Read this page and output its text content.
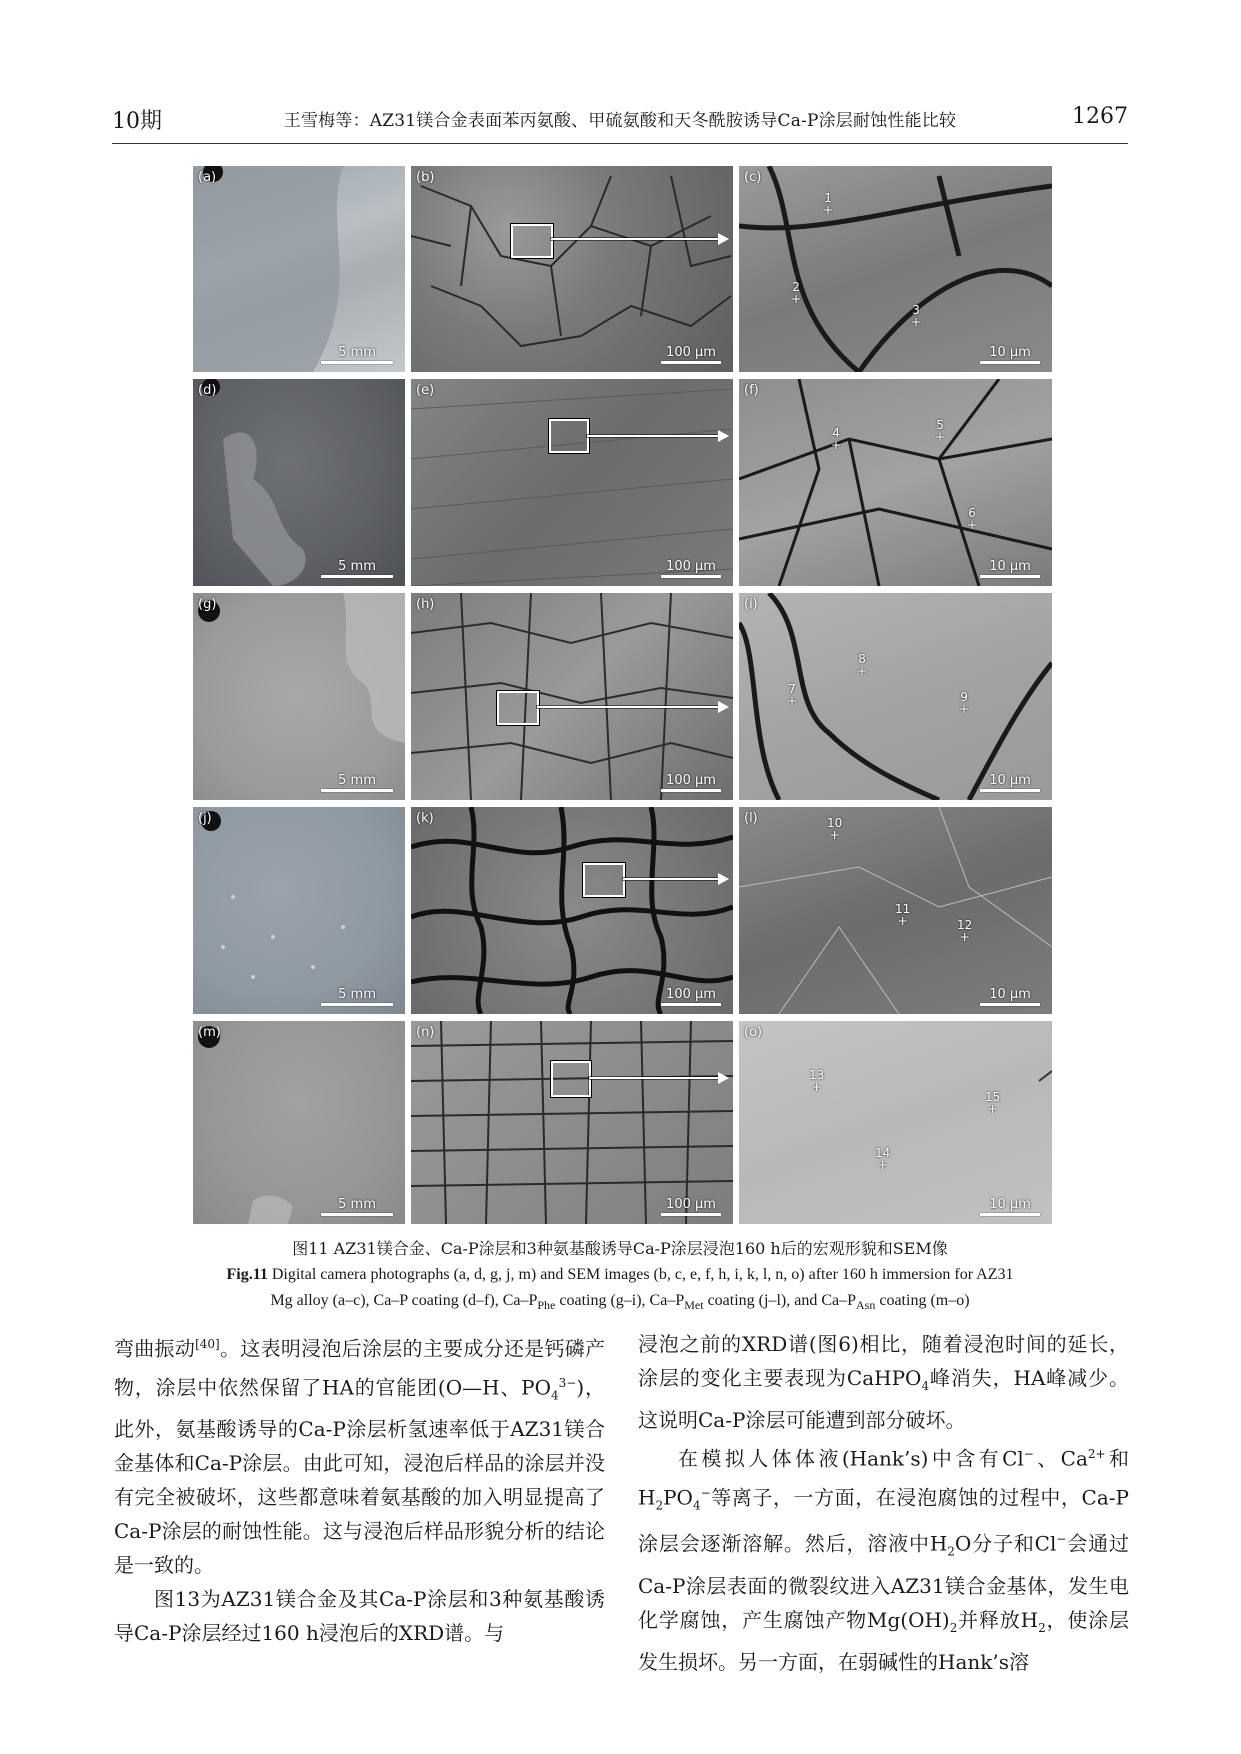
10期	王雪梅等：AZ31镁合金表面苯丙氨酸、甲硫氨酸和天冬酰胺诱导Ca-P涂层耐蚀性能比较	1267
(a)
5 mm
(b)
100 μm
(c)
1
+
2
+
3
+
10 μm
(d)
5 mm
(e)
100 μm
(f)
4
+
5
+
6
+
10 μm
(g)
5 mm
(h)
100 μm
(i)
7
+
8
+
9
+
10 μm
(j)
5 mm
(k)
100 μm
(l)	10
+
11
+	12
+
10 μm
(m)
5 mm
(n)
100 μm
(o)
13
+
14
+
15
+
10 μm
图11 AZ31镁合金、Ca-P涂层和3种氨基酸诱导Ca-P涂层浸泡160 h后的宏观形貌和SEM像
Fig.11 Digital camera photographs (a, d, g, j, m) and SEM images (b, c, e, f, h, i, k, l, n, o) after 160 h immersion for AZ31
Mg alloy (a–c), Ca–P coating (d–f), $Ca-P_{Phe}$ coating (g–i), $Ca-P_{Met}$ coating (j–l), and $Ca-P_{Asn}$ coating (m–o)

弯曲振动[40]。这表明浸泡后涂层的主要成分还是钙磷产物，涂层中依然保留了HA的官能团(O—H、$PO_4^{3-}$)，此外，氨基酸诱导的Ca-P涂层析氢速率低于AZ31镁合金基体和Ca-P涂层。由此可知，浸泡后样品的涂层并没有完全被破坏，这些都意味着氨基酸的加入明显提高了Ca-P涂层的耐蚀性能。这与浸泡后样品形貌分析的结论是一致的。

图13为AZ31镁合金及其Ca-P涂层和3种氨基酸诱导Ca-P涂层经过160 h浸泡后的XRD谱。与

浸泡之前的XRD谱(图6)相比，随着浸泡时间的延长，涂层的变化主要表现为CaHPO$_4$峰消失，HA峰减少。这说明Ca-P涂层可能遭到部分破坏。

在模拟人体体液(Hank’s)中含有Cl−、$Ca^{2+}$和$H_2PO_4^-$等离子，一方面，在浸泡腐蚀的过程中，Ca-P涂层会逐渐溶解。然后，溶液中$H_2O$分子和Cl−会通过Ca-P涂层表面的微裂纹进入AZ31镁合金基体，发生电化学腐蚀，产生腐蚀产物$Mg(OH)_2$并释放$H_2$，使涂层发生损坏。另一方面，在弱碱性的Hank’s溶
